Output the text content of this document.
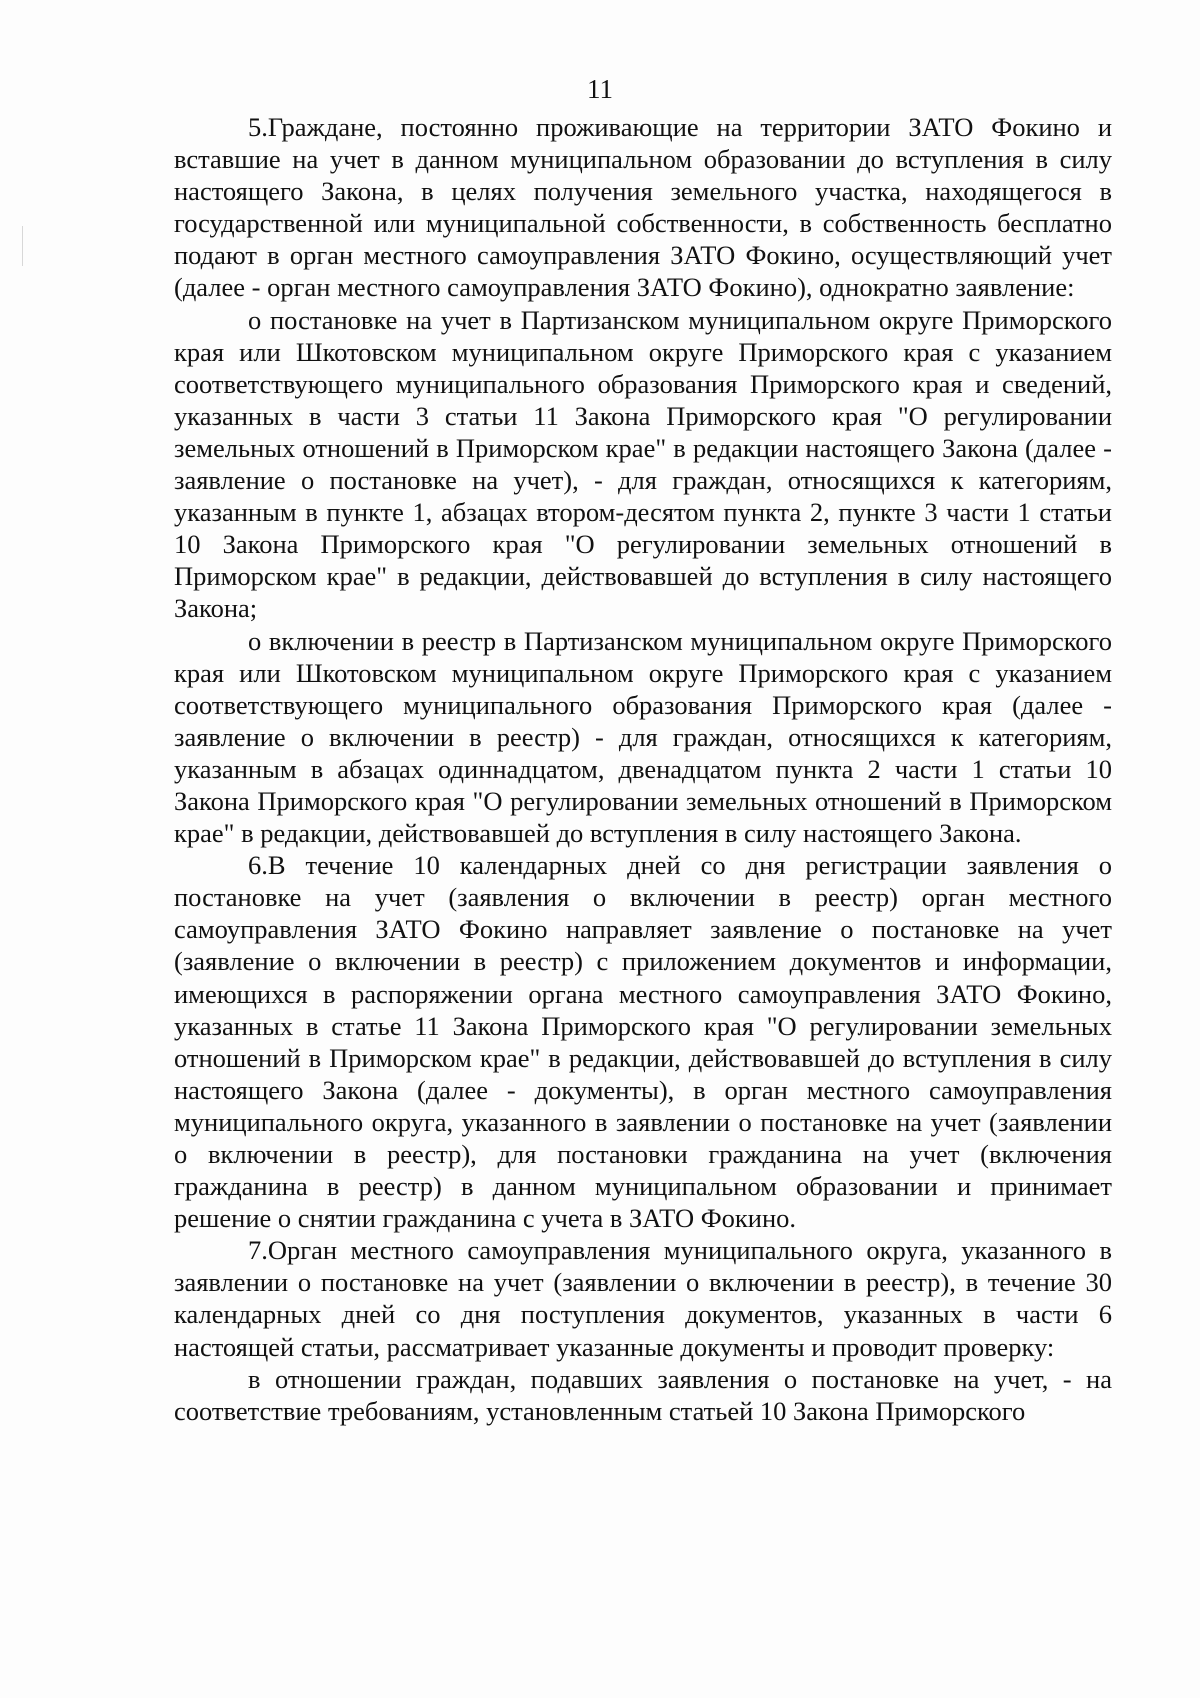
11

5.Граждане, постоянно проживающие на территории ЗАТО Фокино и вставшие на учет в данном муниципальном образовании до вступления в силу настоящего Закона, в целях получения земельного участка, находящегося в государственной или муниципальной собственности, в собственность бесплатно подают в орган местного самоуправления ЗАТО Фокино, осуществляющий учет (далее - орган местного самоуправления ЗАТО Фокино), однократно заявление:

о постановке на учет в Партизанском муниципальном округе Приморского края или Шкотовском муниципальном округе Приморского края с указанием соответствующего муниципального образования Приморского края и сведений, указанных в части 3 статьи 11 Закона Приморского края "О регулировании земельных отношений в Приморском крае" в редакции настоящего Закона (далее - заявление о постановке на учет), - для граждан, относящихся к категориям, указанным в пункте 1, абзацах втором-десятом пункта 2, пункте 3 части 1 статьи 10 Закона Приморского края "О регулировании земельных отношений в Приморском крае" в редакции, действовавшей до вступления в силу настоящего Закона;

о включении в реестр в Партизанском муниципальном округе Приморского края или Шкотовском муниципальном округе Приморского края с указанием соответствующего муниципального образования Приморского края (далее - заявление о включении в реестр) - для граждан, относящихся к категориям, указанным в абзацах одиннадцатом, двенадцатом пункта 2 части 1 статьи 10 Закона Приморского края "О регулировании земельных отношений в Приморском крае" в редакции, действовавшей до вступления в силу настоящего Закона.

6.В течение 10 календарных дней со дня регистрации заявления о постановке на учет (заявления о включении в реестр) орган местного самоуправления ЗАТО Фокино направляет заявление о постановке на учет (заявление о включении в реестр) с приложением документов и информации, имеющихся в распоряжении органа местного самоуправления ЗАТО Фокино, указанных в статье 11 Закона Приморского края "О регулировании земельных отношений в Приморском крае" в редакции, действовавшей до вступления в силу настоящего Закона (далее - документы), в орган местного самоуправления муниципального округа, указанного в заявлении о постановке на учет (заявлении о включении в реестр), для постановки гражданина на учет (включения гражданина в реестр) в данном муниципальном образовании и принимает решение о снятии гражданина с учета в ЗАТО Фокино.

7.Орган местного самоуправления муниципального округа, указанного в заявлении о постановке на учет (заявлении о включении в реестр), в течение 30 календарных дней со дня поступления документов, указанных в части 6 настоящей статьи, рассматривает указанные документы и проводит проверку:

в отношении граждан, подавших заявления о постановке на учет, - на соответствие требованиям, установленным статьей 10 Закона Приморского
